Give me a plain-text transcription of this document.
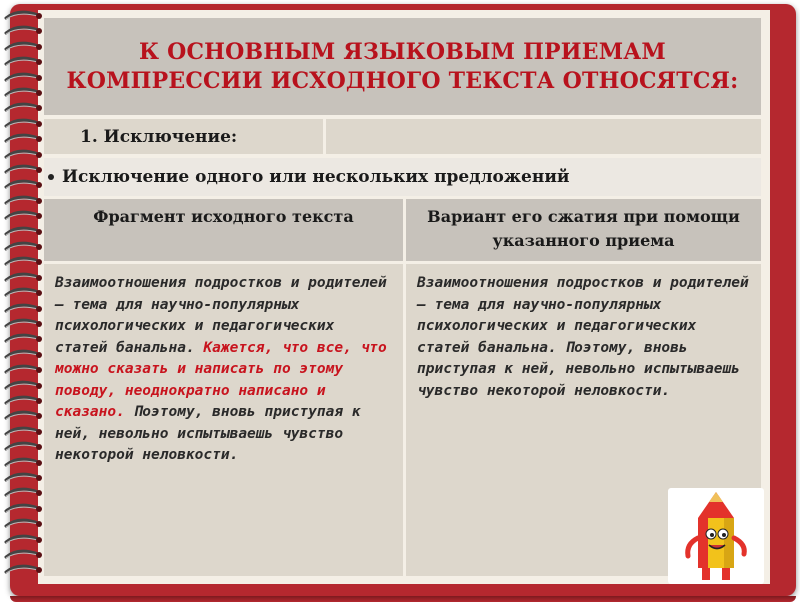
К ОСНОВНЫМ ЯЗЫКОВЫМ ПРИЕМАМ КОМПРЕССИИ ИСХОДНОГО ТЕКСТА ОТНОСЯТСЯ:
1. Исключение:
Исключение одного или нескольких предложений
Фрагмент исходного текста	Вариант его сжатия при помощи указанного приема
Взаимоотношения подростков и родителей – тема для научно-популярных психологических и педагогических статей банальна. Кажется, что все, что можно сказать и написать по этому поводу, неоднократно написано и сказано. Поэтому, вновь приступая к ней, невольно испытываешь чувство некоторой неловкости.
Взаимоотношения подростков и родителей – тема для научно-популярных психологических и педагогических статей банальна. Поэтому, вновь приступая к ней, невольно испытываешь чувство некоторой неловкости.
